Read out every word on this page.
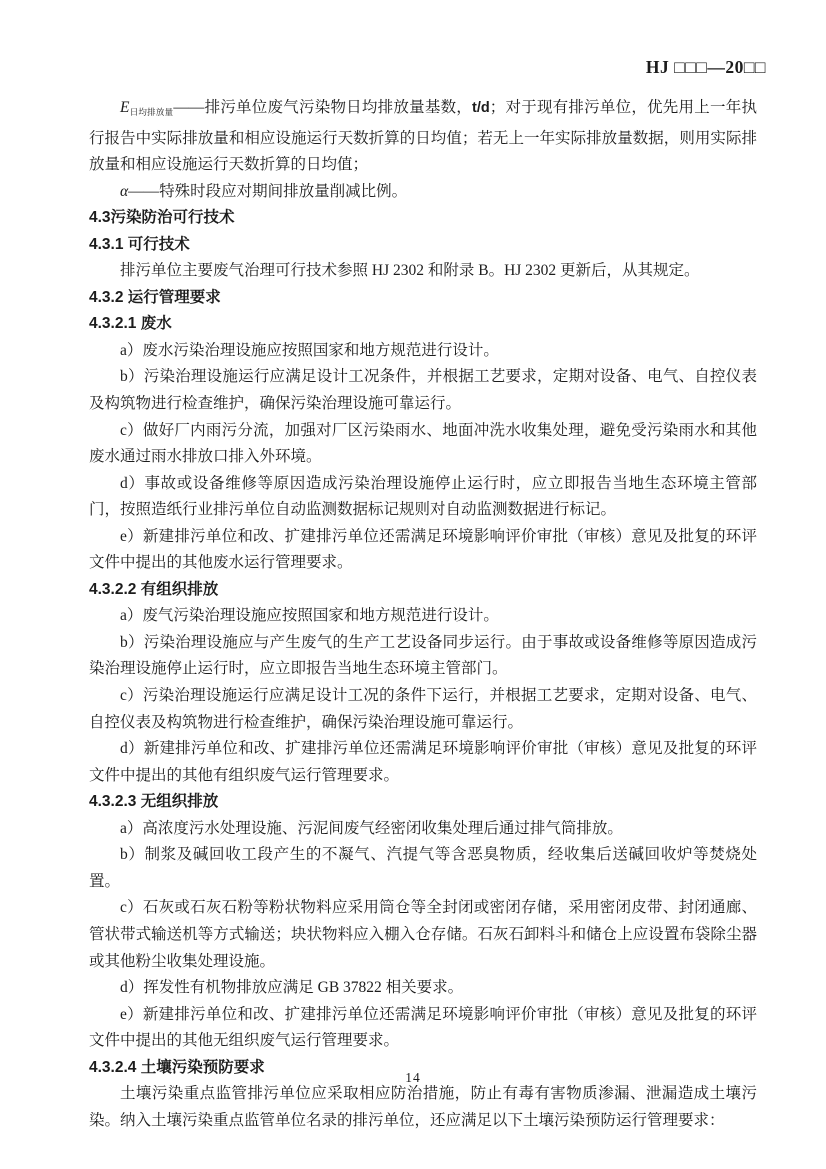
HJ □□□—20□□

E日均排放量——排污单位废气污染物日均排放量基数，t/d；对于现有排污单位，优先用上一年执行报告中实际排放量和相应设施运行天数折算的日均值；若无上一年实际排放量数据，则用实际排放量和相应设施运行天数折算的日均值；

α——特殊时段应对期间排放量削减比例。

4.3污染防治可行技术
4.3.1 可行技术

排污单位主要废气治理可行技术参照 HJ 2302 和附录 B。HJ 2302 更新后，从其规定。

4.3.2 运行管理要求
4.3.2.1 废水

a）废水污染治理设施应按照国家和地方规范进行设计。

b）污染治理设施运行应满足设计工况条件，并根据工艺要求，定期对设备、电气、自控仪表及构筑物进行检查维护，确保污染治理设施可靠运行。

c）做好厂内雨污分流，加强对厂区污染雨水、地面冲洗水收集处理，避免受污染雨水和其他废水通过雨水排放口排入外环境。

d）事故或设备维修等原因造成污染治理设施停止运行时，应立即报告当地生态环境主管部门，按照造纸行业排污单位自动监测数据标记规则对自动监测数据进行标记。

e）新建排污单位和改、扩建排污单位还需满足环境影响评价审批（审核）意见及批复的环评文件中提出的其他废水运行管理要求。

4.3.2.2 有组织排放

a）废气污染治理设施应按照国家和地方规范进行设计。

b）污染治理设施应与产生废气的生产工艺设备同步运行。由于事故或设备维修等原因造成污染治理设施停止运行时，应立即报告当地生态环境主管部门。

c）污染治理设施运行应满足设计工况的条件下运行，并根据工艺要求，定期对设备、电气、自控仪表及构筑物进行检查维护，确保污染治理设施可靠运行。

d）新建排污单位和改、扩建排污单位还需满足环境影响评价审批（审核）意见及批复的环评文件中提出的其他有组织废气运行管理要求。

4.3.2.3 无组织排放

a）高浓度污水处理设施、污泥间废气经密闭收集处理后通过排气筒排放。

b）制浆及碱回收工段产生的不凝气、汽提气等含恶臭物质，经收集后送碱回收炉等焚烧处置。

c）石灰或石灰石粉等粉状物料应采用筒仓等全封闭或密闭存储，采用密闭皮带、封闭通廊、管状带式输送机等方式输送；块状物料应入棚入仓存储。石灰石卸料斗和储仓上应设置布袋除尘器或其他粉尘收集处理设施。

d）挥发性有机物排放应满足 GB 37822 相关要求。

e）新建排污单位和改、扩建排污单位还需满足环境影响评价审批（审核）意见及批复的环评文件中提出的其他无组织废气运行管理要求。

4.3.2.4 土壤污染预防要求

土壤污染重点监管排污单位应采取相应防治措施，防止有毒有害物质渗漏、泄漏造成土壤污染。纳入土壤污染重点监管单位名录的排污单位，还应满足以下土壤污染预防运行管理要求：

14
